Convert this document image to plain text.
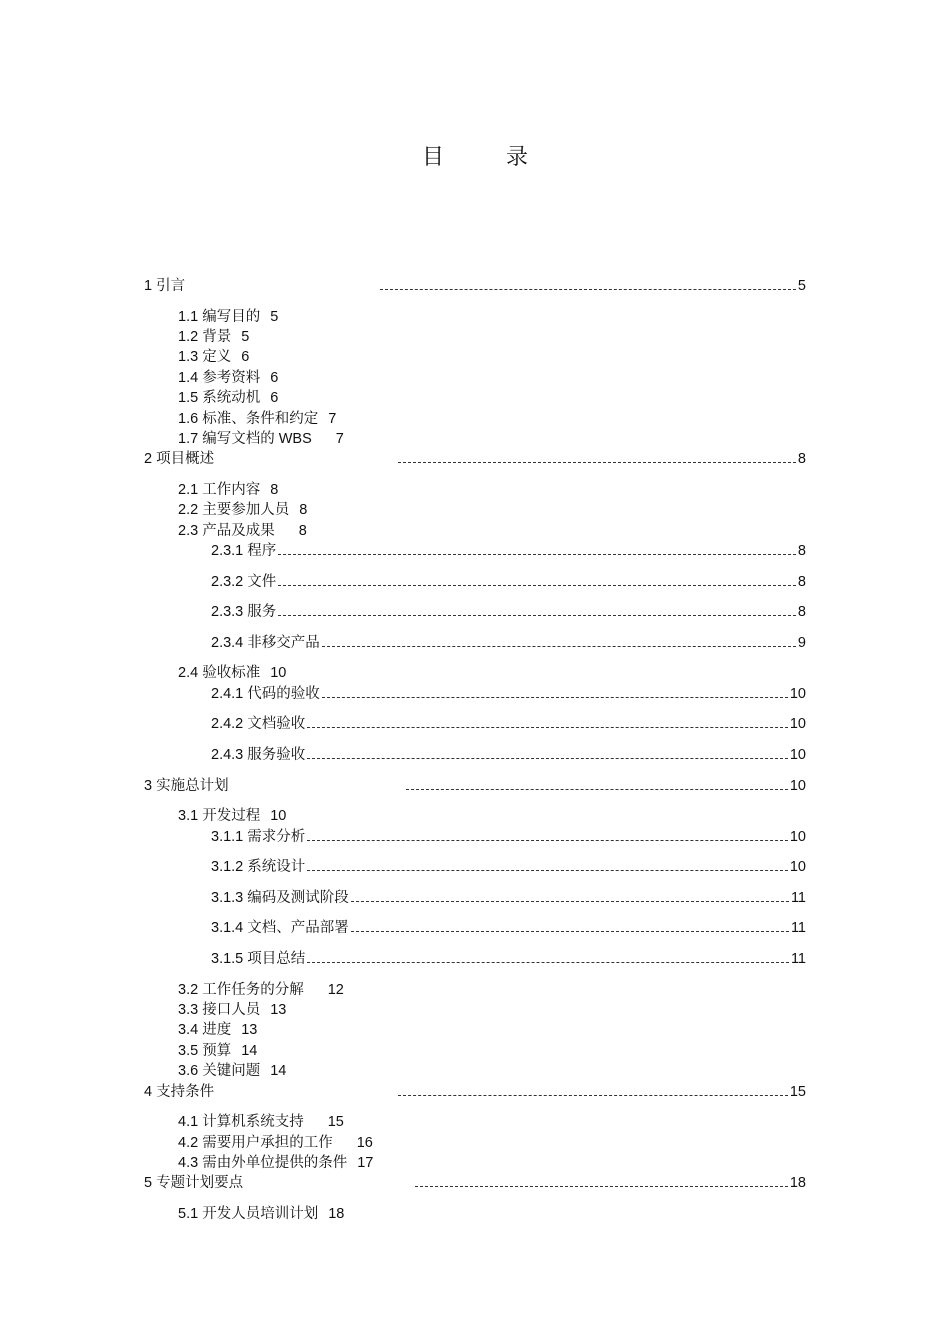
目 录
1 引言	5
1.1 编写目的 5
1.2 背景 5
1.3 定义 6
1.4 参考资料 6
1.5 系统动机 6
1.6 标准、条件和约定 7
1.7 编写文档的 WBS 7
2 项目概述	8
2.1 工作内容 8
2.2 主要参加人员 8
2.3 产品及成果 8
2.3.1 程序	8
2.3.2 文件	8
2.3.3 服务	8
2.3.4 非移交产品	9
2.4 验收标准 10
2.4.1 代码的验收	10
2.4.2 文档验收	10
2.4.3 服务验收	10
3 实施总计划	10
3.1 开发过程 10
3.1.1 需求分析	10
3.1.2 系统设计	10
3.1.3 编码及测试阶段	11
3.1.4 文档、产品部署	11
3.1.5 项目总结	11
3.2 工作任务的分解 12
3.3 接口人员 13
3.4 进度 13
3.5 预算 14
3.6 关键问题 14
4 支持条件	15
4.1 计算机系统支持 15
4.2 需要用户承担的工作 16
4.3 需由外单位提供的条件 17
5 专题计划要点	18
5.1 开发人员培训计划 18
